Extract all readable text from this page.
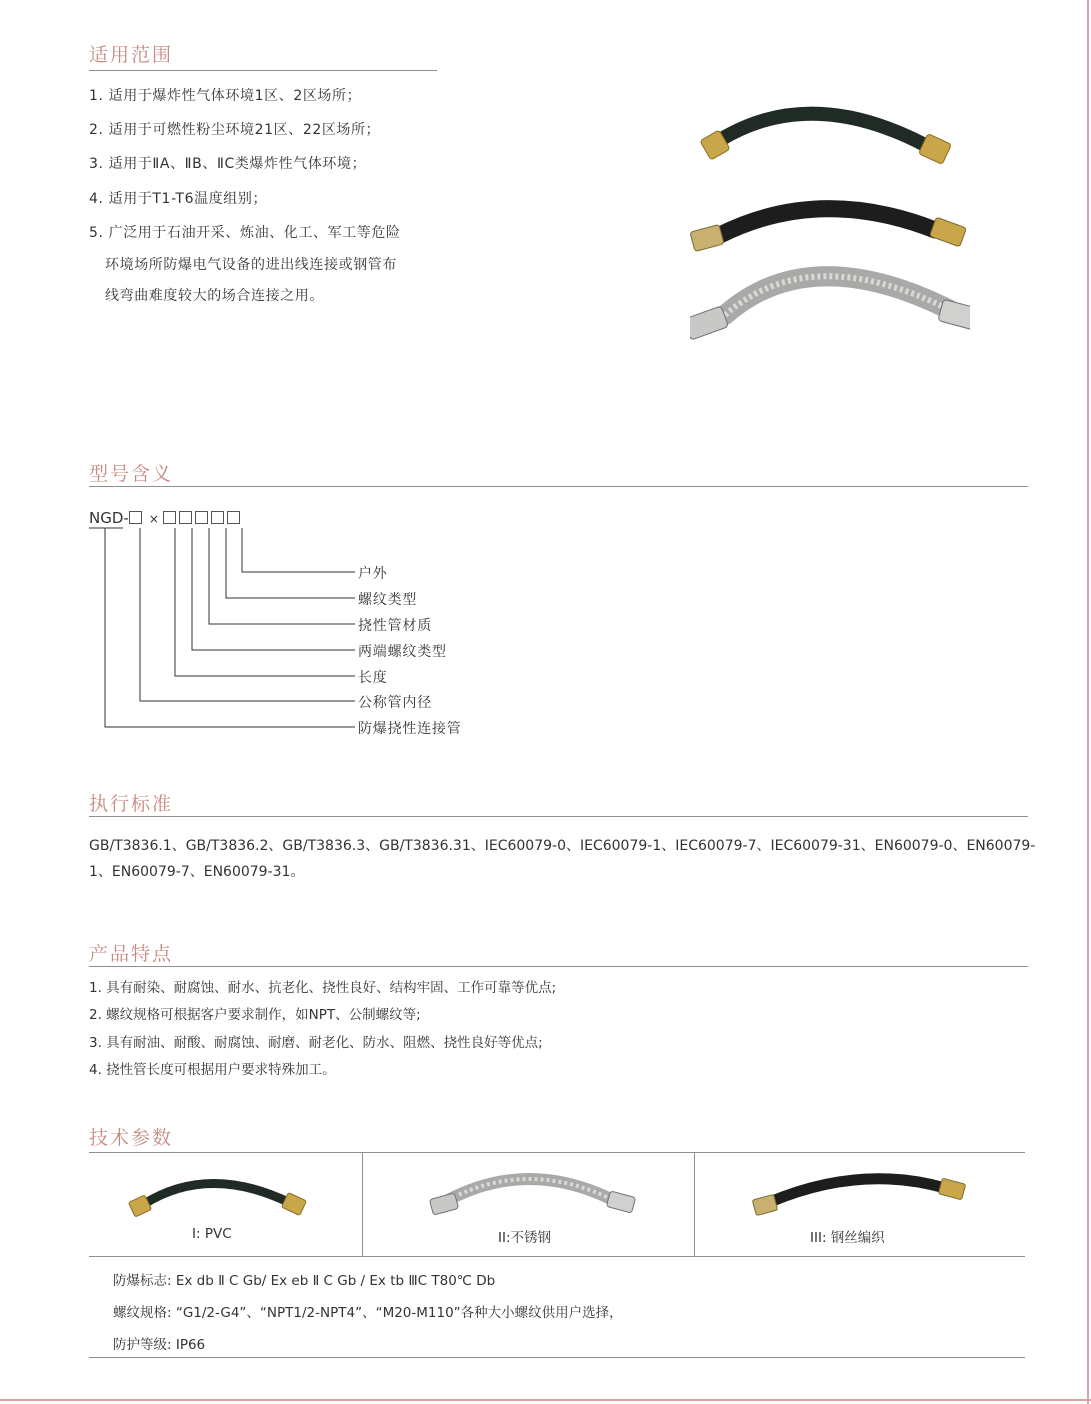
适用范围
1. 适用于爆炸性气体环境1区、2区场所；
2. 适用于可燃性粉尘环境21区、22区场所；
3. 适用于ⅡA、ⅡB、ⅡC类爆炸性气体环境；
4. 适用于T1-T6温度组别；
5. 广泛用于石油开采、炼油、化工、军工等危险
环境场所防爆电气设备的进出线连接或钢管布
线弯曲难度较大的场合连接之用。
型号含义
NGD- ×
户外
螺纹类型
挠性管材质
两端螺纹类型
长度
公称管内径
防爆挠性连接管
执行标准
GB/T3836.1、GB/T3836.2、GB/T3836.3、GB/T3836.31、IEC60079-0、IEC60079-1、IEC60079-7、IEC60079-31、EN60079-0、EN60079-1、EN60079-7、EN60079-31。
产品特点
1. 具有耐染、耐腐蚀、耐水、抗老化、挠性良好、结构牢固、工作可靠等优点;
2. 螺纹规格可根据客户要求制作，如NPT、公制螺纹等;
3. 具有耐油、耐酸、耐腐蚀、耐磨、耐老化、防水、阻燃、挠性良好等优点;
4. 挠性管长度可根据用户要求特殊加工。
技术参数
I: PVC	II:不锈钢	III: 钢丝编织
防爆标志: Ex db Ⅱ C Gb/ Ex eb Ⅱ C Gb / Ex tb ⅢC T80℃ Db
螺纹规格: “G1/2-G4”、“NPT1/2-NPT4”、“M20-M110”各种大小螺纹供用户选择，
防护等级: IP66
